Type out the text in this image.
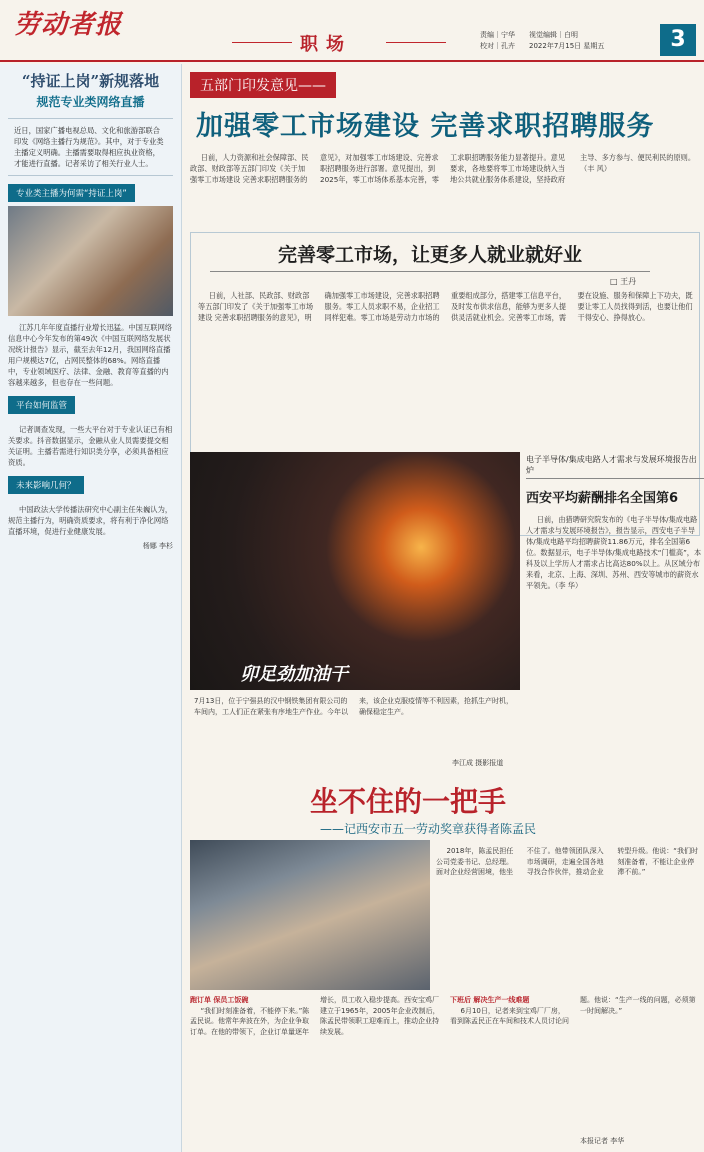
劳动者报
职场	责编｜宁华　　视觉编辑｜白明
校对｜孔卉　　2022年7月15日 星期五	3
“持证上岗”新规落地
规范专业类网络直播
近日，国家广播电视总局、文化和旅游部联合印发《网络主播行为规范》。其中，对于专业类主播定义明确。主播需要取得相应执业资格，才能进行直播。记者采访了相关行业人士。
专业类主播为何需“持证上岗”
江苏几年年度直播行业增长迅猛。中国互联网络信息中心今年发布的第49次《中国互联网络发展状况统计报告》显示，截至去年12月，我国网络直播用户规模达7亿，占网民整体的68%。网络直播中，专业领域医疗、法律、金融、教育等直播的内容越来越多，但也存在一些问题。
平台如何监管
记者调查发现，一些大平台对于专业认证已有相关要求。抖音数据显示，金融从业人员需要提交相关证明。主播若需进行知识类分享，必须具备相应资质。
未来影响几何？
中国政法大学传播法研究中心副主任朱巍认为，规范主播行为，明确资质要求，将有利于净化网络直播环境，促进行业健康发展。
杨娜 李杉
五部门印发意见——
加强零工市场建设 完善求职招聘服务
日前，人力资源和社会保障部、民政部、财政部等五部门印发《关于加强零工市场建设 完善求职招聘服务的意见》，对加强零工市场建设、完善求职招聘服务进行部署。意见提出，到2025年，零工市场体系基本完善，零工求职招聘服务能力显著提升。意见要求，各地要将零工市场建设纳入当地公共就业服务体系建设，坚持政府主导、多方参与、便民利民的原则。（丰 风）
完善零工市场，让更多人就业就好业
□ 王丹
日前，人社部、民政部、财政部等五部门印发了《关于加强零工市场建设 完善求职招聘服务的意见》，明确加强零工市场建设，完善求职招聘服务。零工人员求职不易，企业招工同样犯难。零工市场是劳动力市场的重要组成部分，搭建零工信息平台，及时发布供求信息，能够为更多人提供灵活就业机会。完善零工市场，需要在设施、服务和保障上下功夫，既要让零工人员找得到活，也要让他们干得安心、挣得放心。
卯足劲加油干
7月13日，位于宁强县的汉中钢铁集团有限公司的车间内，工人们正在紧张有序地生产作业。今年以来，该企业克服疫情等不利因素，抢抓生产时机，确保稳定生产。
李江成 摄影报道
电子半导体/集成电路人才需求与发展环境报告出炉
西安平均薪酬排名全国第6
日前，由猎聘研究院发布的《电子半导体/集成电路人才需求与发展环境报告》，报告显示，西安电子半导体/集成电路平均招聘薪资11.86万元，排名全国第6位。数据显示，电子半导体/集成电路技术“门槛高”，本科及以上学历人才需求占比高达80%以上。从区域分布来看，北京、上海、深圳、苏州、西安等城市的薪资水平领先。（李 华）
坐不住的一把手
——记西安市五一劳动奖章获得者陈孟民
2018年，陈孟民担任公司党委书记、总经理。面对企业经营困境，他坐不住了。他带领团队深入市场调研，走遍全国各地寻找合作伙伴，推动企业转型升级。他说：“我们时刻准备着，不能让企业停滞不前。”
跑订单 保员工饭碗

“我们时刻准备着，不能停下来。”陈孟民说。他常年奔波在外，为企业争取订单。在他的带领下，企业订单量逐年增长，员工收入稳步提高。西安宝鸡厂建立于1965年，2005年企业改制后，陈孟民带领职工迎难而上，推动企业持续发展。

下班后 解决生产一线难题

6月10日，记者来到宝鸡厂厂房，看到陈孟民正在车间和技术人员讨论问题。他说：“生产一线的问题，必须第一时间解决。”

本报记者 李华
